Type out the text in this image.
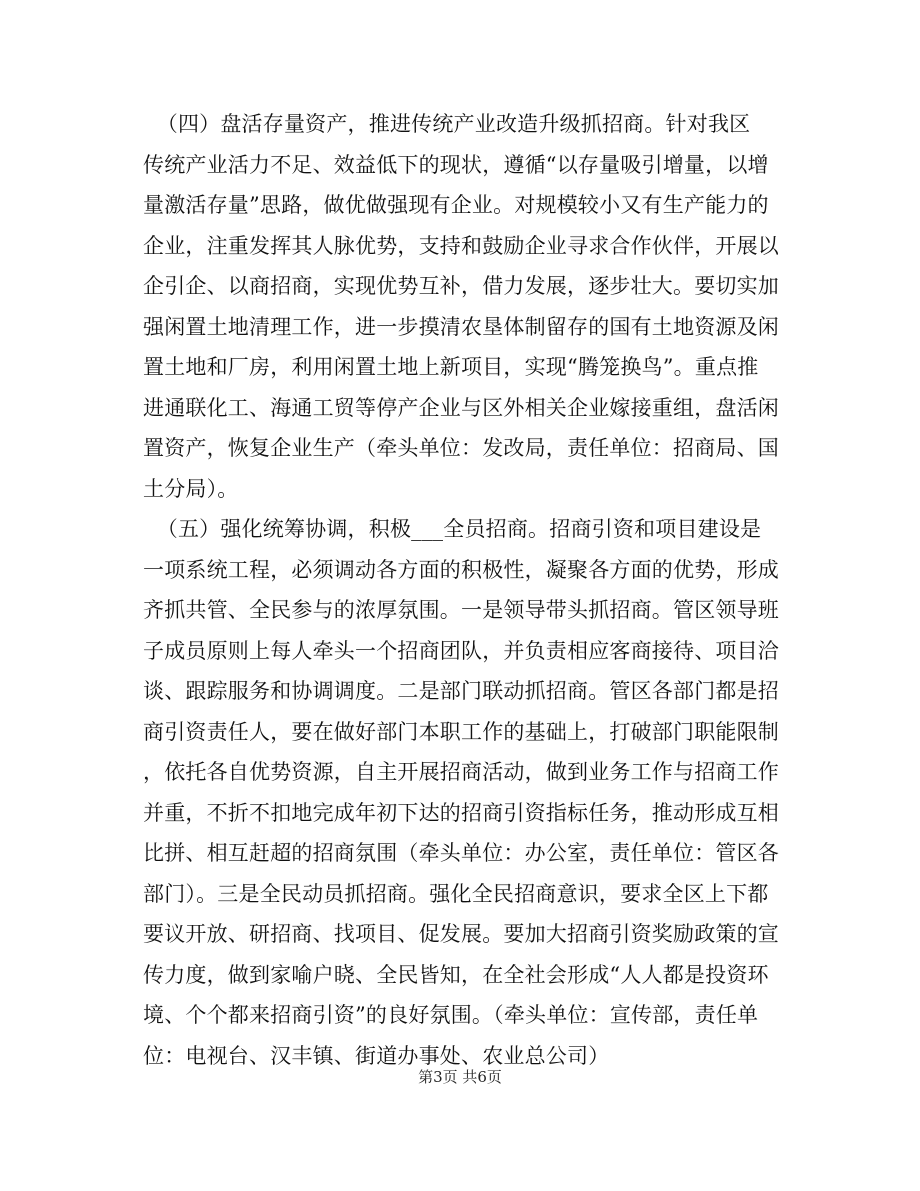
（四）盘活存量资产，推进传统产业改造升级抓招商。针对我区
传统产业活力不足、效益低下的现状，遵循“以存量吸引增量，以增
量激活存量”思路，做优做强现有企业。对规模较小又有生产能力的
企业，注重发挥其人脉优势，支持和鼓励企业寻求合作伙伴，开展以
企引企、以商招商，实现优势互补，借力发展，逐步壮大。要切实加
强闲置土地清理工作，进一步摸清农垦体制留存的国有土地资源及闲
置土地和厂房，利用闲置土地上新项目，实现“腾笼换鸟”。重点推
进通联化工、海通工贸等停产企业与区外相关企业嫁接重组，盘活闲
置资产，恢复企业生产（牵头单位：发改局，责任单位：招商局、国
土分局）。
（五）强化统筹协调，积极___全员招商。招商引资和项目建设是
一项系统工程，必须调动各方面的积极性，凝聚各方面的优势，形成
齐抓共管、全民参与的浓厚氛围。一是领导带头抓招商。管区领导班
子成员原则上每人牵头一个招商团队，并负责相应客商接待、项目洽
谈、跟踪服务和协调调度。二是部门联动抓招商。管区各部门都是招
商引资责任人，要在做好部门本职工作的基础上，打破部门职能限制
，依托各自优势资源，自主开展招商活动，做到业务工作与招商工作
并重，不折不扣地完成年初下达的招商引资指标任务，推动形成互相
比拼、相互赶超的招商氛围（牵头单位：办公室，责任单位：管区各
部门）。三是全民动员抓招商。强化全民招商意识，要求全区上下都
要议开放、研招商、找项目、促发展。要加大招商引资奖励政策的宣
传力度，做到家喻户晓、全民皆知，在全社会形成“人人都是投资环
境、个个都来招商引资”的良好氛围。（牵头单位：宣传部，责任单
位：电视台、汉丰镇、街道办事处、农业总公司）
第3页 共6页
